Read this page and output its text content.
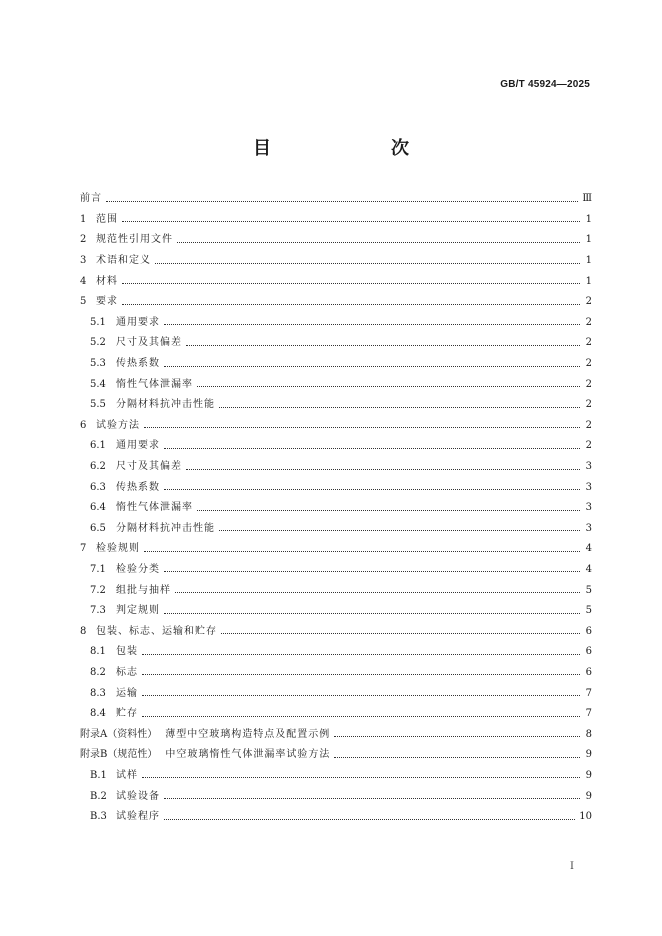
GB/T 45924—2025
目　　次
前言	Ⅲ
1 范围	1
2 规范性引用文件	1
3 术语和定义	1
4 材料	1
5 要求	2
5.1	通用要求	2
5.2	尺寸及其偏差	2
5.3	传热系数	2
5.4	惰性气体泄漏率	2
5.5	分隔材料抗冲击性能	2
6 试验方法	2
6.1	通用要求	2
6.2	尺寸及其偏差	3
6.3	传热系数	3
6.4	惰性气体泄漏率	3
6.5	分隔材料抗冲击性能	3
7 检验规则	4
7.1	检验分类	4
7.2	组批与抽样	5
7.3	判定规则	5
8 包装、标志、运输和贮存	6
8.1	包装	6
8.2	标志	6
8.3	运输	7
8.4	贮存	7
附录A（资料性） 薄型中空玻璃构造特点及配置示例	8
附录B（规范性） 中空玻璃惰性气体泄漏率试验方法	9
B.1 试样	9
B.2 试验设备	9
B.3 试验程序	10
I
